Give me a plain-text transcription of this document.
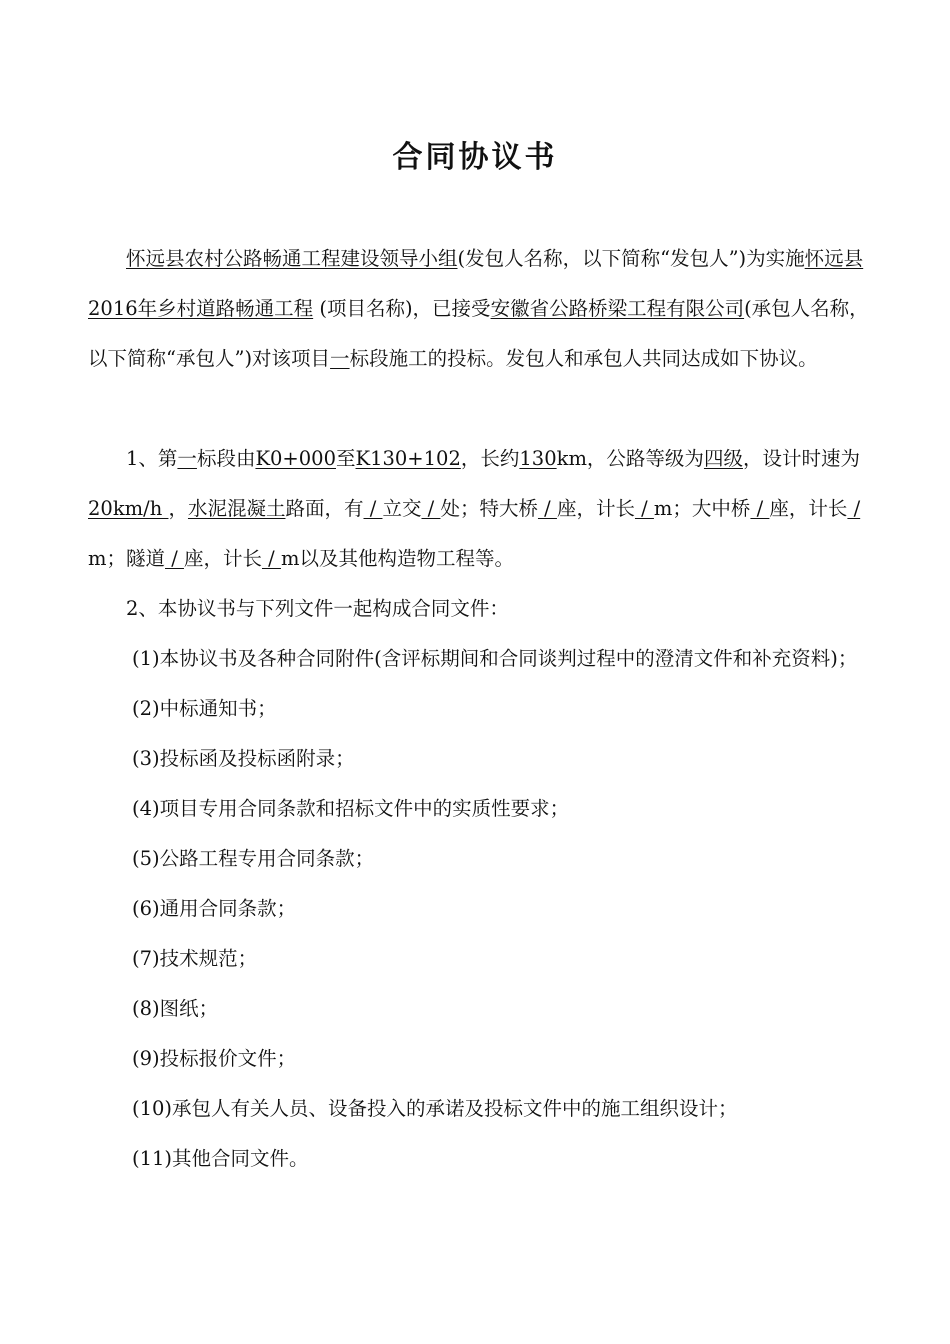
合同协议书
怀远县农村公路畅通工程建设领导小组(发包人名称，以下简称“发包人”)为实施怀远县2016年乡村道路畅通工程 (项目名称)，已接受安徽省公路桥梁工程有限公司(承包人名称，以下简称“承包人”)对该项目一标段施工的投标。发包人和承包人共同达成如下协议。
1、第一标段由K0+000至K130+102，长约130km，公路等级为四级，设计时速为 20km/h ，水泥混凝土路面，有 / 立交 / 处；特大桥 / 座，计长 / m；大中桥 / 座，计长 / m；隧道 / 座，计长 / m以及其他构造物工程等。
2、本协议书与下列文件一起构成合同文件：
(1)本协议书及各种合同附件(含评标期间和合同谈判过程中的澄清文件和补充资料)；
(2)中标通知书；
(3)投标函及投标函附录；
(4)项目专用合同条款和招标文件中的实质性要求；
(5)公路工程专用合同条款；
(6)通用合同条款；
(7)技术规范；
(8)图纸；
(9)投标报价文件；
(10)承包人有关人员、设备投入的承诺及投标文件中的施工组织设计；
(11)其他合同文件。
